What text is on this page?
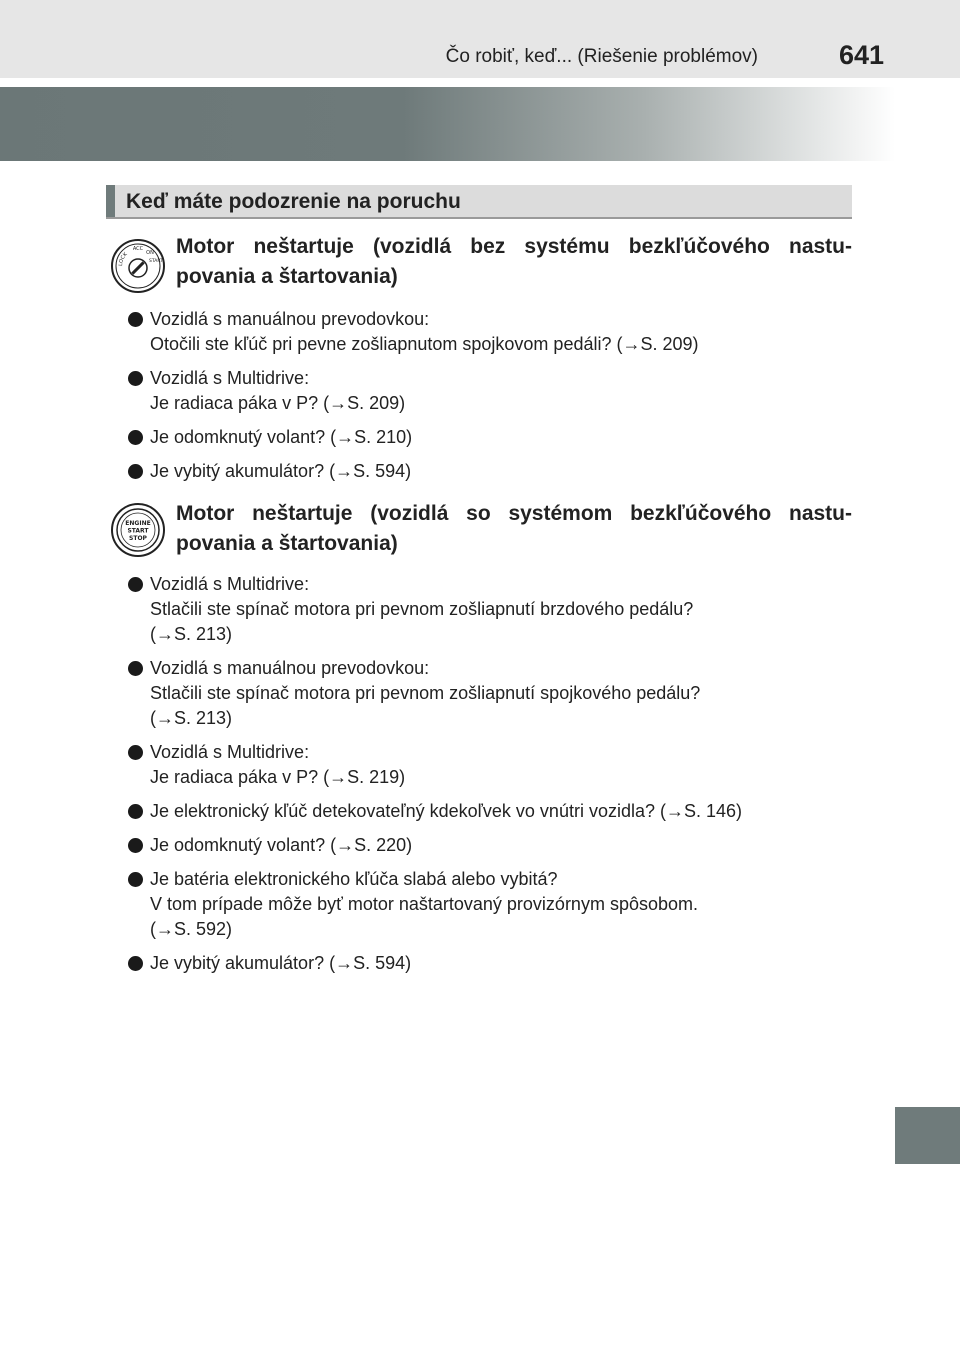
Čo robiť, keď... (Riešenie problémov)	641
Keď máte podozrenie na poruchu
LOCK
ACC
ON
START
Motor neštartuje (vozidlá bez systému bezkľúčového nastu- povania a štartovania)
Vozidlá s manuálnou prevodovkou:
Otočili ste kľúč pri pevne zošliapnutom spojkovom pedáli? (→S. 209)
Vozidlá s Multidrive:
Je radiaca páka v P? (→S. 209)
Je odomknutý volant? (→S. 210)
Je vybitý akumulátor? (→S. 594)
ENGINE
START
STOP
Motor neštartuje (vozidlá so systémom bezkľúčového nastu- povania a štartovania)
Vozidlá s Multidrive:
Stlačili ste spínač motora pri pevnom zošliapnutí brzdového pedálu?
(→S. 213)
Vozidlá s manuálnou prevodovkou:
Stlačili ste spínač motora pri pevnom zošliapnutí spojkového pedálu?
(→S. 213)
Vozidlá s Multidrive:
Je radiaca páka v P? (→S. 219)
Je elektronický kľúč detekovateľný kdekoľvek vo vnútri vozidla? (→S. 146)
Je odomknutý volant? (→S. 220)
Je batéria elektronického kľúča slabá alebo vybitá?
V tom prípade môže byť motor naštartovaný provizórnym spôsobom.
(→S. 592)
Je vybitý akumulátor? (→S. 594)
